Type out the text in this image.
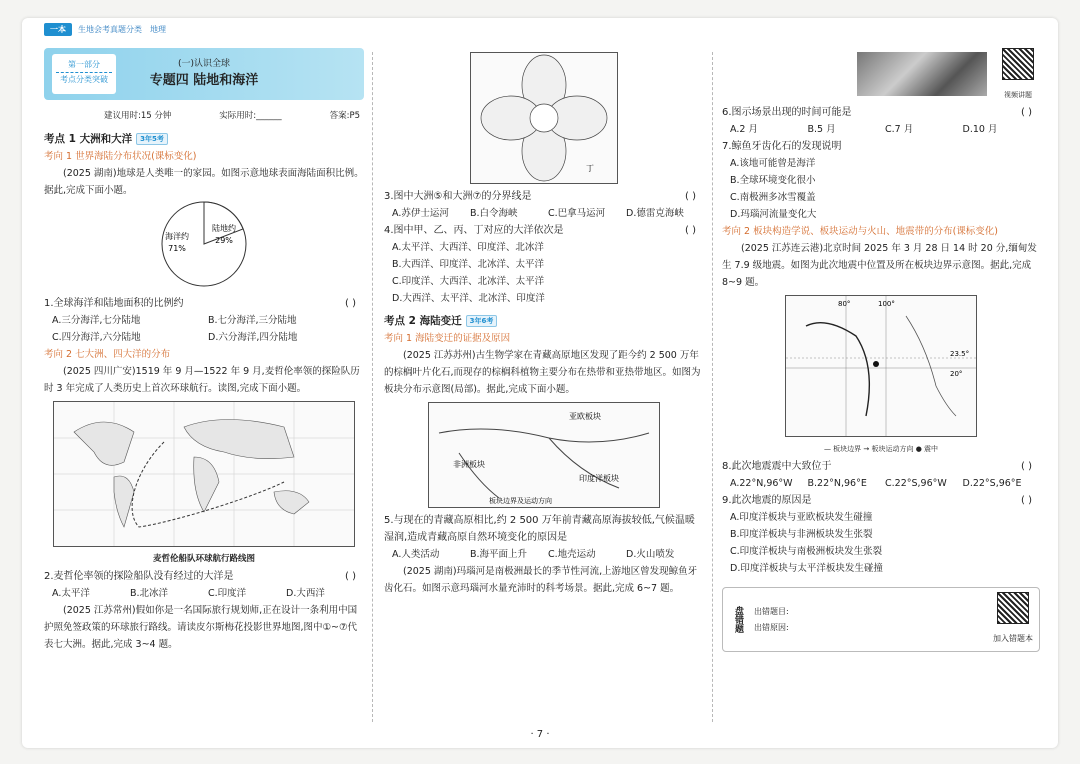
一本	生地会考真题分类 地理
第一部分
考点分类突破
(一)认识全球
专题四 陆地和海洋
建议用时:15 分钟	实际用时:______	答案:P5
考点 1 大洲和大洋 3年5考
考向 1 世界海陆分布状况(课标变化)
(2025 湖南)地球是人类唯一的家园。如图示意地球表面海陆面积比例。据此,完成下面小题。
海洋约
71%
陆地约
29%
1.全球海洋和陆地面积的比例约	( )
A.三分海洋,七分陆地	B.七分海洋,三分陆地
C.四分海洋,六分陆地	D.六分海洋,四分陆地
考向 2 七大洲、四大洋的分布
(2025 四川广安)1519 年 9 月—1522 年 9 月,麦哲伦率领的探险队历时 3 年完成了人类历史上首次环球航行。读图,完成下面小题。
麦哲伦船队环球航行路线图
2.麦哲伦率领的探险船队没有经过的大洋是	( )
A.太平洋	B.北冰洋	C.印度洋	D.大西洋
(2025 江苏常州)假如你是一名国际旅行规划师,正在设计一条利用中国护照免签政策的环球旅行路线。请读皮尔斯梅花投影世界地图,图中①~⑦代表七大洲。据此,完成 3~4 题。
丁
3.图中大洲⑤和大洲⑦的分界线是	( )
A.苏伊士运河	B.白令海峡	C.巴拿马运河	D.德雷克海峡
4.图中甲、乙、丙、丁对应的大洋依次是	( )
A.太平洋、大西洋、印度洋、北冰洋
B.大西洋、印度洋、北冰洋、太平洋
C.印度洋、大西洋、北冰洋、太平洋
D.大西洋、太平洋、北冰洋、印度洋
考点 2 海陆变迁 3年6考
考向 1 海陆变迁的证据及原因
(2025 江苏苏州)古生物学家在青藏高原地区发现了距今约 2 500 万年的棕榈叶片化石,而现存的棕榈科植物主要分布在热带和亚热带地区。如图为板块分布示意图(局部)。据此,完成下面小题。
亚欧板块
非洲板块
印度洋板块
板块边界及运动方向
5.与现在的青藏高原相比,约 2 500 万年前青藏高原海拔较低,气候温暖湿润,造成青藏高原自然环境变化的原因是
A.人类活动	B.海平面上升	C.地壳运动	D.火山喷发
(2025 湖南)玛瑙河是南极洲最长的季节性河流,上游地区曾发现鲸鱼牙齿化石。如图示意玛瑙河水量充沛时的科考场景。据此,完成 6~7 题。
视频讲题
6.图示场景出现的时间可能是	( )
A.2 月	B.5 月	C.7 月	D.10 月
7.鲸鱼牙齿化石的发现说明
A.该地可能曾是海洋
B.全球环境变化很小
C.南极洲多冰雪覆盖
D.玛瑙河流量变化大
考向 2 板块构造学说、板块运动与火山、地震带的分布(课标变化)
(2025 江苏连云港)北京时间 2025 年 3 月 28 日 14 时 20 分,缅甸发生 7.9 级地震。如图为此次地震中位置及所在板块边界示意图。据此,完成 8~9 题。
80°	100°
23.5°
20°
— 板块边界 → 板块运动方向 ● 震中
8.此次地震震中大致位于	( )
A.22°N,96°W	B.22°N,96°E	C.22°S,96°W	D.22°S,96°E
9.此次地震的原因是	( )
A.印度洋板块与亚欧板块发生碰撞
B.印度洋板块与非洲板块发生张裂
C.印度洋板块与南极洲板块发生张裂
D.印度洋板块与太平洋板块发生碰撞
盘错题	出错题目:
出错原因:
加入错题本
· 7 ·
